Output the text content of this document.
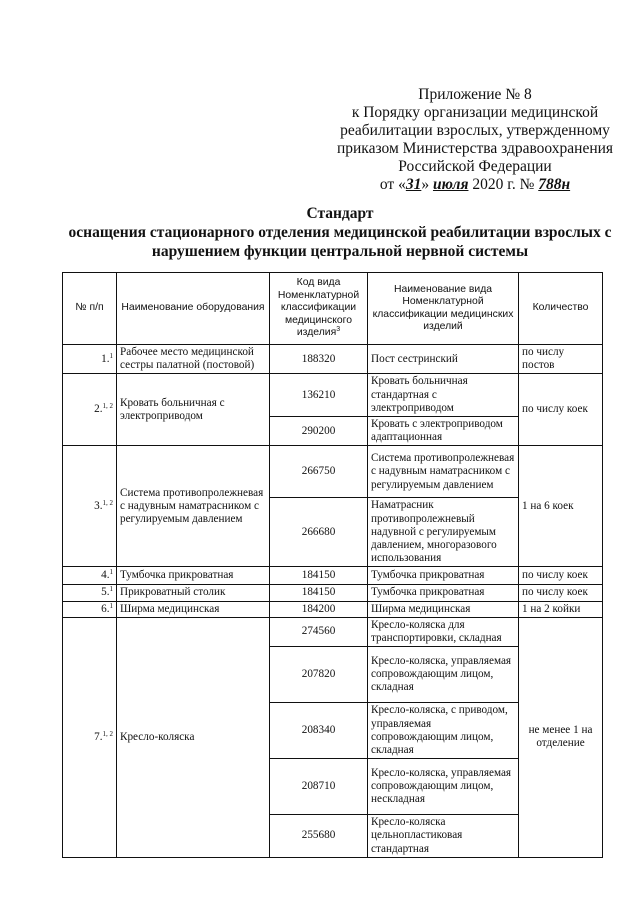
Приложение № 8
к Порядку организации медицинской
реабилитации взрослых, утвержденному
приказом Министерства здравоохранения
Российской Федерации
от «31» июля 2020 г. № 788н
Стандарт
оснащения стационарного отделения медицинской реабилитации взрослых с
нарушением функции центральной нервной системы
№ п/п	Наименование оборудования	Код вида Номенклатурной классификации медицинского изделия$^3$	Наименование вида Номенклатурной классификации медицинских изделий	Количество
1.$^1$	Рабочее место медицинской сестры палатной (постовой)	188320	Пост сестринский	по числу постов
2.$^{1, 2}$	Кровать больничная с электроприводом	136210	Кровать больничная стандартная с электроприводом	по числу коек
		290200	Кровать с электроприводом адаптационная	
3.$^{1, 2}$	Система противопролежневая с надувным наматрасником с регулируемым давлением	266750	Система противопролежневая с надувным наматрасником с регулируемым давлением	1 на 6 коек
		266680	Наматрасник противопролежневый надувной с регулируемым давлением, многоразового использования	
4.$^1$	Тумбочка прикроватная	184150	Тумбочка прикроватная	по числу коек
5.$^1$	Прикроватный столик	184150	Тумбочка прикроватная	по числу коек
6.$^1$	Ширма медицинская	184200	Ширма медицинская	1 на 2 койки
7.$^{1, 2}$	Кресло-коляска	274560	Кресло-коляска для транспортировки, складная	не менее 1 на отделение
		207820	Кресло-коляска, управляемая сопровождающим лицом, складная	
		208340	Кресло-коляска, с приводом, управляемая сопровождающим лицом, складная	
		208710	Кресло-коляска, управляемая сопровождающим лицом, нескладная	
		255680	Кресло-коляска цельнопластиковая стандартная	
